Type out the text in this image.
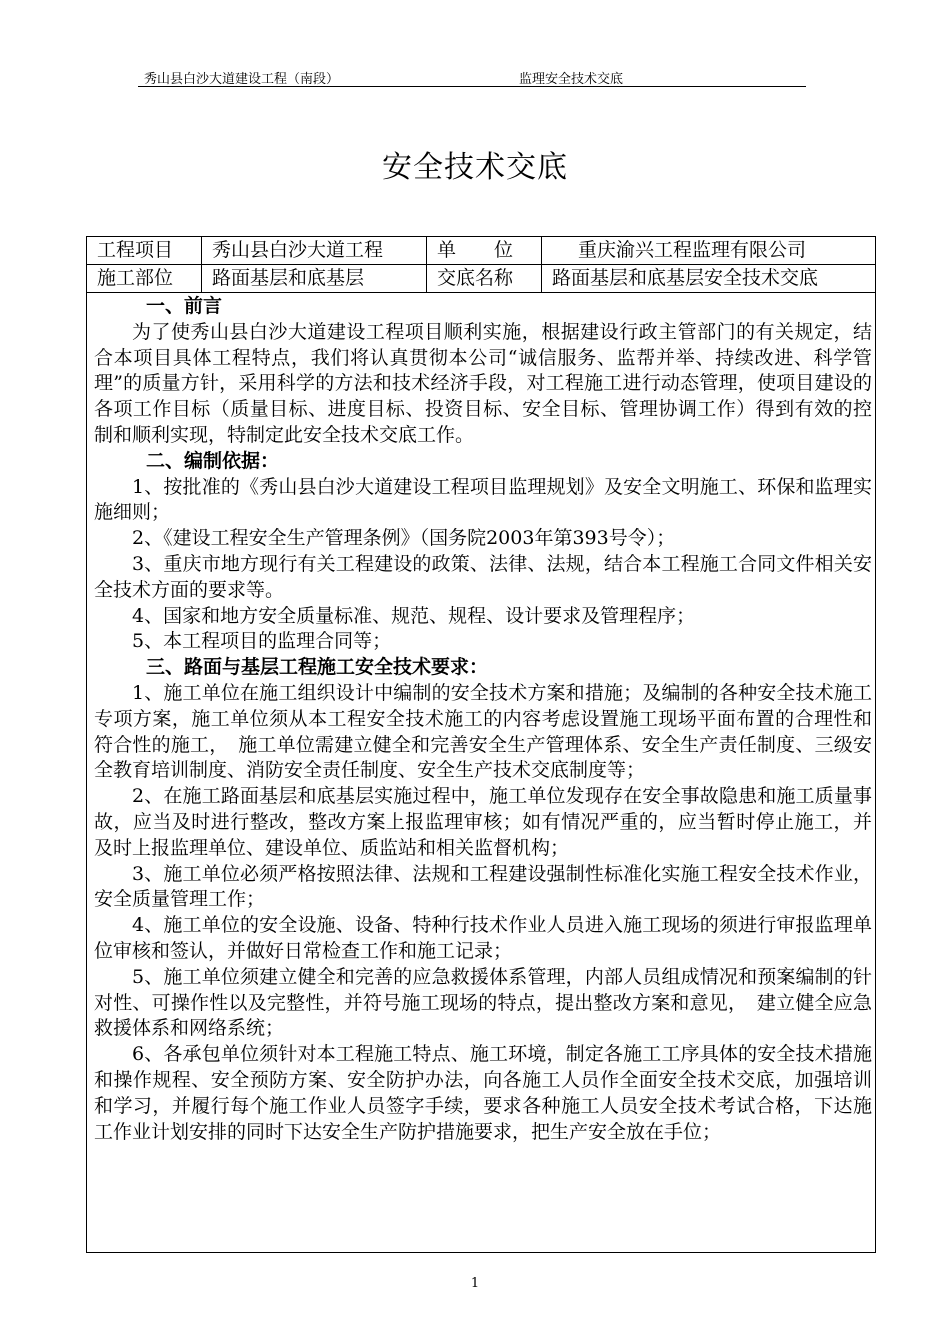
秀山县白沙大道建设工程（南段）	监理安全技术交底
安全技术交底
工程项目	秀山县白沙大道工程	单　　位	重庆渝兴工程监理有限公司
施工部位	路面基层和底基层	交底名称	路面基层和底基层安全技术交底
一、前言

为了使秀山县白沙大道建设工程项目顺利实施，根据建设行政主管部门的有关规定，结合本项目具体工程特点，我们将认真贯彻本公司“诚信服务、监帮并举、持续改进、科学管理”的质量方针，采用科学的方法和技术经济手段，对工程施工进行动态管理，使项目建设的各项工作目标（质量目标、进度目标、投资目标、安全目标、管理协调工作）得到有效的控制和顺利实现，特制定此安全技术交底工作。

二、编制依据：

1、按批准的《秀山县白沙大道建设工程项目监理规划》及安全文明施工、环保和监理实施细则；

2、《建设工程安全生产管理条例》（国务院2003年第393号令）；

3、重庆市地方现行有关工程建设的政策、法律、法规，结合本工程施工合同文件相关安全技术方面的要求等。

4、国家和地方安全质量标准、规范、规程、设计要求及管理程序；

5、本工程项目的监理合同等；

三、路面与基层工程施工安全技术要求：

1、施工单位在施工组织设计中编制的安全技术方案和措施；及编制的各种安全技术施工专项方案，施工单位须从本工程安全技术施工的内容考虑设置施工现场平面布置的合理性和符合性的施工，　施工单位需建立健全和完善安全生产管理体系、安全生产责任制度、三级安全教育培训制度、消防安全责任制度、安全生产技术交底制度等；

2、在施工路面基层和底基层实施过程中，施工单位发现存在安全事故隐患和施工质量事故，应当及时进行整改，整改方案上报监理审核；如有情况严重的，应当暂时停止施工，并及时上报监理单位、建设单位、质监站和相关监督机构；

3、施工单位必须严格按照法律、法规和工程建设强制性标准化实施工程安全技术作业，安全质量管理工作；

4、施工单位的安全设施、设备、特种行技术作业人员进入施工现场的须进行审报监理单位审核和签认，并做好日常检查工作和施工记录；

5、施工单位须建立健全和完善的应急救援体系管理，内部人员组成情况和预案编制的针对性、可操作性以及完整性，并符号施工现场的特点，提出整改方案和意见，　建立健全应急救援体系和网络系统；

6、各承包单位须针对本工程施工特点、施工环境，制定各施工工序具体的安全技术措施和操作规程、安全预防方案、安全防护办法，向各施工人员作全面安全技术交底，加强培训和学习，并履行每个施工作业人员签字手续，要求各种施工人员安全技术考试合格，下达施工作业计划安排的同时下达安全生产防护措施要求，把生产安全放在手位；

1
